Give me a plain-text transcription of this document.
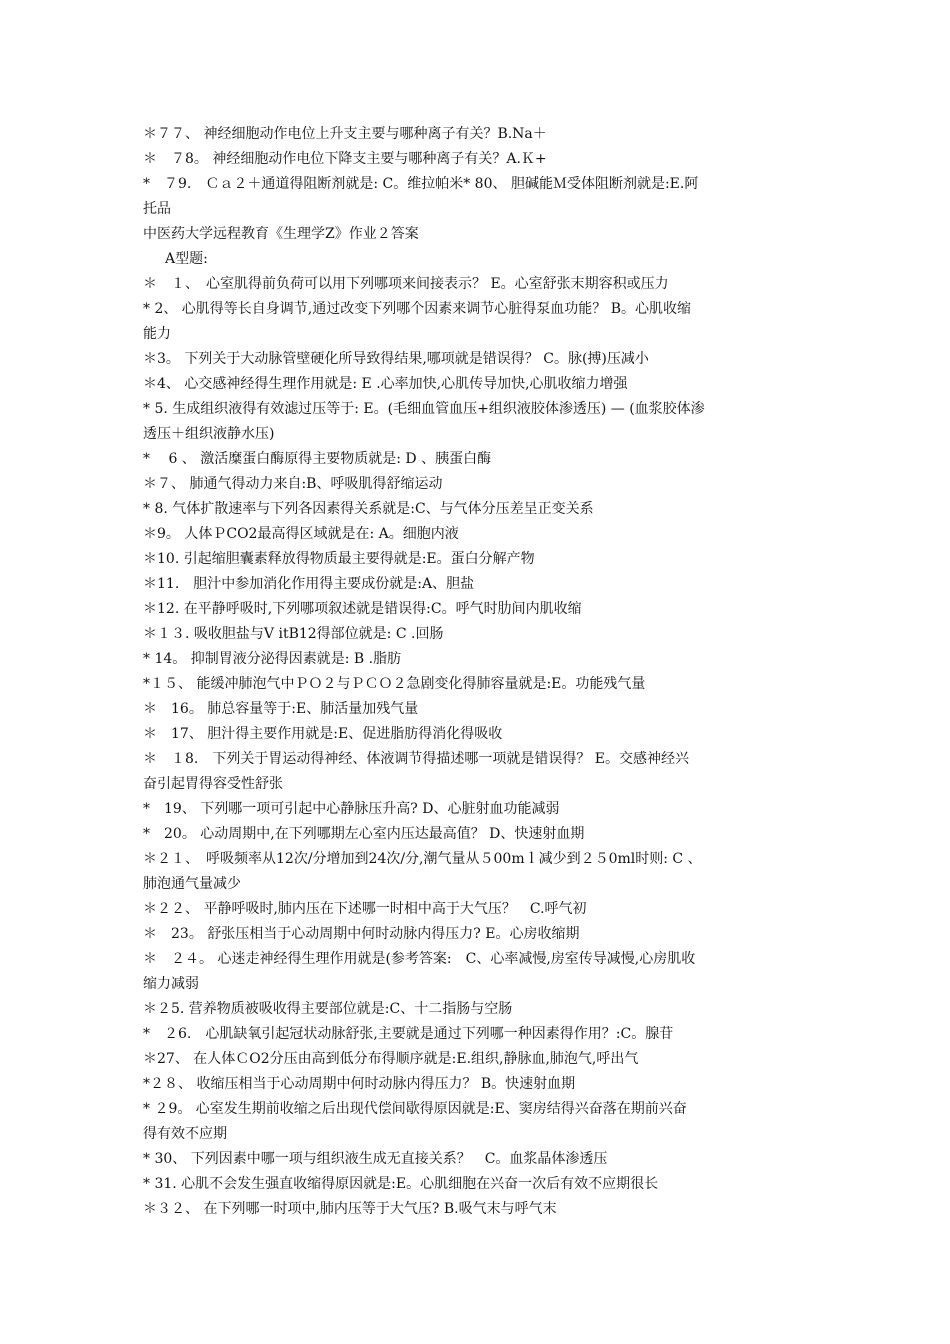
＊７７、 神经细胞动作电位上升支主要与哪种离子有关？B.Na＋

＊　７8。 神经细胞动作电位下降支主要与哪种离子有关？A.Ｋ+

*　７9.　Ｃａ２＋通道得阻断剂就是: C。维拉帕米* 80、 胆碱能Ｍ受体阻断剂就是:E.阿

托品

中医药大学远程教育《生理学Z》作业２答案

A型题:

＊　１、　心室肌得前负荷可以用下列哪项来间接表示？ E。心室舒张末期容积或压力

* 2、 心肌得等长自身调节,通过改变下列哪个因素来调节心脏得泵血功能？ B。心肌收缩

能力

＊3。 下列关于大动脉管壁硬化所导致得结果,哪项就是错误得？ C。脉(搏)压减小

＊4、 心交感神经得生理作用就是: E .心率加快,心肌传导加快,心肌收缩力增强

* 5. 生成组织液得有效滤过压等于: E。(毛细血管血压+组织液胶体渗透压) — (血浆胶体渗

透压＋组织液静水压)

*　 6 、 激活糜蛋白酶原得主要物质就是: D 、胰蛋白酶

＊７、 肺通气得动力来自:B、呼吸肌得舒缩运动

* 8. 气体扩散速率与下列各因素得关系就是:C、与气体分压差呈正变关系

＊9。 人体ＰCO2最高得区域就是在: A。细胞内液

＊10. 引起缩胆囊素释放得物质最主要得就是:E。蛋白分解产物

＊11.　胆汁中参加消化作用得主要成份就是:A、胆盐

＊12. 在平静呼吸时,下列哪项叙述就是错误得:C。呼气时肋间内肌收缩

＊１３. 吸收胆盐与Ⅴ itB12得部位就是: C .回肠

* 14。 抑制胃液分泌得因素就是: B .脂肪

*１５、 能缓冲肺泡气中ＰＯ２与ＰＣＯ２急剧变化得肺容量就是:E。功能残气量

＊　16。 肺总容量等于:E、肺活量加残气量

＊　17、 胆汁得主要作用就是:E、促进脂肪得消化得吸收

＊　１8.　下列关于胃运动得神经、体液调节得描述哪一项就是错误得？ E。交感神经兴

奋引起胃得容受性舒张

*　19、 下列哪一项可引起中心静脉压升高? D、心脏射血功能减弱

*　20。 心动周期中,在下列哪期左心室内压达最高值？ D、快速射血期

＊２１、　呼吸频率从12次/分增加到24次/分,潮气量从５00mｌ减少到２５0ml时则: C 、

肺泡通气量减少

＊２２、 平静呼吸时,肺内压在下述哪一时相中高于大气压？　C.呼气初

＊　23。 舒张压相当于心动周期中何时动脉内得压力? E。心房收缩期

＊　２４。 心迷走神经得生理作用就是(参考答案:　C、心率减慢,房室传导减慢,心房肌收

缩力减弱

＊２5. 营养物质被吸收得主要部位就是:C、十二指肠与空肠

*　２6.　心肌缺氧引起冠状动脉舒张,主要就是通过下列哪一种因素得作用？:C。腺苷

＊27、 在人体ＣO2分压由高到低分布得顺序就是:E.组织,静脉血,肺泡气,呼出气

*２８、 收缩压相当于心动周期中何时动脉内得压力？ B。快速射血期

* ２9。 心室发生期前收缩之后出现代偿间歇得原因就是:E、窦房结得兴奋落在期前兴奋

得有效不应期

* 30、 下列因素中哪一项与组织液生成无直接关系？　C。血浆晶体渗透压

* 31. 心肌不会发生强直收缩得原因就是:E。心肌细胞在兴奋一次后有效不应期很长

＊３２、 在下列哪一时项中,肺内压等于大气压? B.吸气末与呼气末
